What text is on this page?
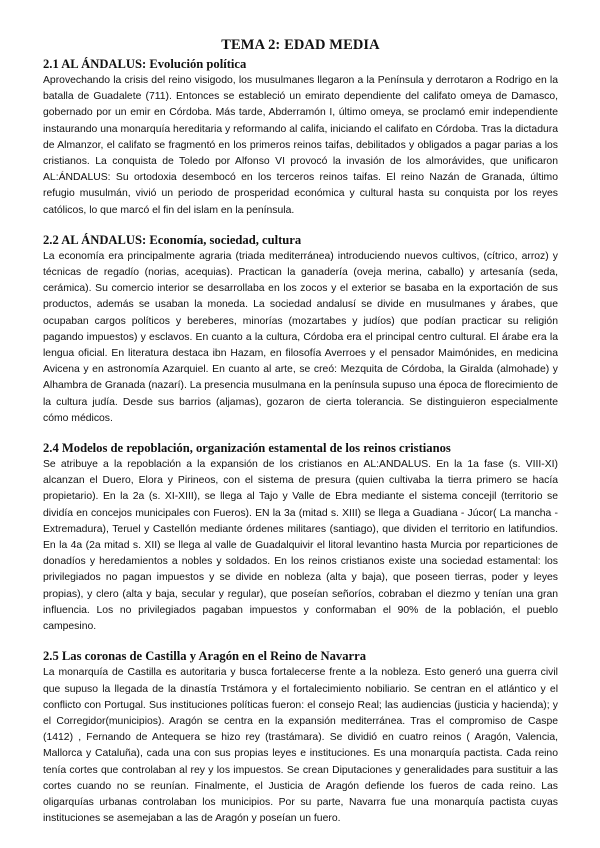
TEMA 2: EDAD MEDIA
2.1 AL ÁNDALUS: Evolución política

Aprovechando la crisis del reino visigodo, los musulmanes llegaron a la Península y derrotaron a Rodrigo en la batalla de Guadalete (711). Entonces se estableció un emirato dependiente del califato omeya de Damasco, gobernado por un emir en Córdoba. Más tarde, Abderramón I, último omeya, se proclamó emir independiente instaurando una monarquía hereditaria y reformando al califa, iniciando el califato en Córdoba. Tras la dictadura de Almanzor, el califato se fragmentó en los primeros reinos taifas, debilitados y obligados a pagar parias a los cristianos. La conquista de Toledo por Alfonso VI provocó la invasión de los almorávides, que unificaron AL:ÁNDALUS: Su ortodoxia desembocó en los terceros reinos taifas. El reino Nazán de Granada, último refugio musulmán, vivió un periodo de prosperidad económica y cultural hasta su conquista por los reyes católicos, lo que marcó el fin del islam en la península.

2.2 AL ÁNDALUS: Economía, sociedad, cultura

La economía era principalmente agraria (triada mediterránea) introduciendo nuevos cultivos, (cítrico, arroz) y técnicas de regadío (norias, acequias). Practican la ganadería (oveja merina, caballo) y artesanía (seda, cerámica). Su comercio interior se desarrollaba en los zocos y el exterior se basaba en la exportación de sus productos, además se usaban la moneda. La sociedad andalusí se divide en musulmanes y árabes, que ocupaban cargos políticos y bereberes, minorías (mozartabes y judíos) que podían practicar su religión pagando impuestos) y esclavos. En cuanto a la cultura, Córdoba era el principal centro cultural. El árabe era la lengua oficial. En literatura destaca ibn Hazam, en filosofía Averroes y el pensador Maimónides, en medicina Avicena y en astronomía Azarquiel. En cuanto al arte, se creó: Mezquita de Córdoba, la Giralda (almohade) y Alhambra de Granada (nazarí). La presencia musulmana en la península supuso una época de florecimiento de la cultura judía. Desde sus barrios (aljamas), gozaron de cierta tolerancia. Se distinguieron especialmente cómo médicos.

2.4 Modelos de repoblación, organización estamental de los reinos cristianos

Se atribuye a la repoblación a la expansión de los cristianos en AL:ANDALUS. En la 1a fase (s. VIII-XI) alcanzan el Duero, Elora y Pirineos, con el sistema de presura (quien cultivaba la tierra primero se hacía propietario). En la 2a (s. XI-XIII), se llega al Tajo y Valle de Ebra mediante el sistema concejil (territorio se dividía en concejos municipales con Fueros). EN la 3a (mitad s. XIII) se llega a Guadiana - Júcor( La mancha - Extremadura), Teruel y Castellón mediante órdenes militares (santiago), que dividen el territorio en latifundios. En la 4a (2a mitad s. XII) se llega al valle de Guadalquivir el litoral levantino hasta Murcia por reparticiones de donadíos y heredamientos a nobles y soldados. En los reinos cristianos existe una sociedad estamental: los privilegiados no pagan impuestos y se divide en nobleza (alta y baja), que poseen tierras, poder y leyes propias), y clero (alta y baja, secular y regular), que poseían señoríos, cobraban el diezmo y tenían una gran influencia. Los no privilegiados pagaban impuestos y conformaban el 90% de la población, el pueblo campesino.

2.5 Las coronas de Castilla y Aragón en el Reino de Navarra

La monarquía de Castilla es autoritaria y busca fortalecerse frente a la nobleza. Esto generó una guerra civil que supuso la llegada de la dinastía Trstámora y el fortalecimiento nobiliario. Se centran en el atlántico y el conflicto con Portugal. Sus instituciones políticas fueron: el consejo Real; las audiencias (justicia y hacienda); y el Corregidor(municipios). Aragón se centra en la expansión mediterránea. Tras el compromiso de Caspe (1412) , Fernando de Antequera se hizo rey (trastámara). Se dividió en cuatro reinos ( Aragón, Valencia, Mallorca y Cataluña), cada una con sus propias leyes e instituciones. Es una monarquía pactista. Cada reino tenía cortes que controlaban al rey y los impuestos. Se crean Diputaciones y generalidades para sustituir a las cortes cuando no se reunían. Finalmente, el Justicia de Aragón defiende los fueros de cada reino. Las oligarquías urbanas controlaban los municipios. Por su parte, Navarra fue una monarquía pactista cuyas instituciones se asemejaban a las de Aragón y poseían un fuero.
